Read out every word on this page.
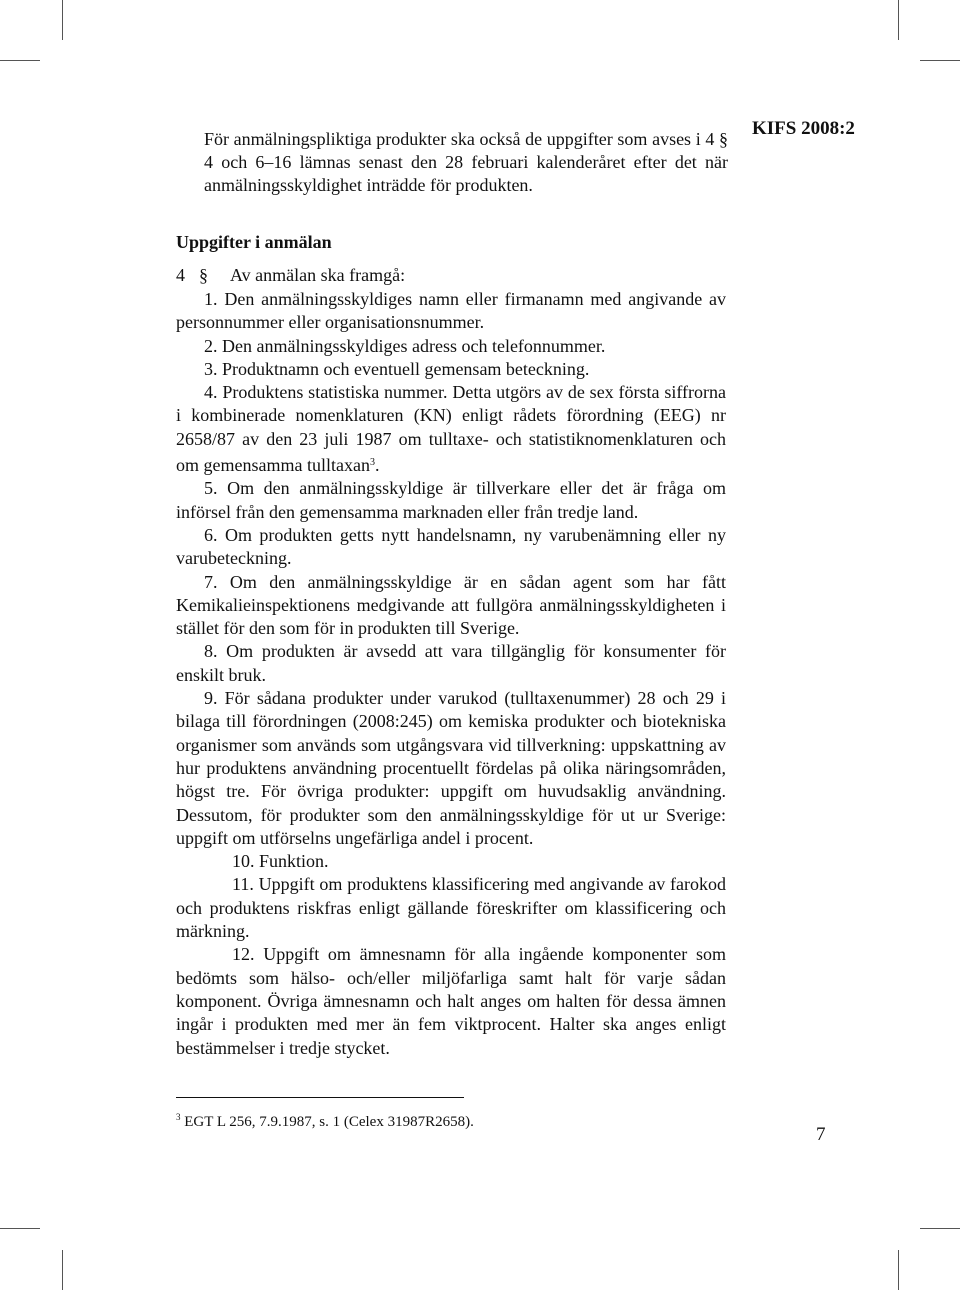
För anmälningspliktiga produkter ska också de uppgifter som avses i 4 § 4 och 6–16 lämnas senast den 28 februari kalenderåret efter det när anmälningsskyldighet inträdde för produkten.
KIFS 2008:2
Uppgifter i anmälan
4 § Av anmälan ska framgå:

1. Den anmälningsskyldiges namn eller firmanamn med angivande av personnummer eller organisationsnummer.

2. Den anmälningsskyldiges adress och telefonnummer.

3. Produktnamn och eventuell gemensam beteckning.

4. Produktens statistiska nummer. Detta utgörs av de sex första siffrorna i kombinerade nomenklaturen (KN) enligt rådets förordning (EEG) nr 2658/87 av den 23 juli 1987 om tulltaxe- och statistiknomenklaturen och om gemensamma tulltaxan$^3$.

5. Om den anmälningsskyldige är tillverkare eller det är fråga om införsel från den gemensamma marknaden eller från tredje land.

6. Om produkten getts nytt handelsnamn, ny varubenämning eller ny varubeteckning.

7. Om den anmälningsskyldige är en sådan agent som har fått Kemikalieinspektionens medgivande att fullgöra anmälningsskyldigheten i stället för den som för in produkten till Sverige.

8. Om produkten är avsedd att vara tillgänglig för konsumenter för enskilt bruk.

9. För sådana produkter under varukod (tulltaxenummer) 28 och 29 i bilaga till förordningen (2008:245) om kemiska produkter och biotekniska organismer som används som utgångsvara vid tillverkning: uppskattning av hur produktens användning procentuellt fördelas på olika näringsområden, högst tre. För övriga produkter: uppgift om huvudsaklig användning. Dessutom, för produkter som den anmälningsskyldige för ut ur Sverige: uppgift om utförselns ungefärliga andel i procent.

10. Funktion.

11. Uppgift om produktens klassificering med angivande av farokod och produktens riskfras enligt gällande föreskrifter om klassificering och märkning.

12. Uppgift om ämnesnamn för alla ingående komponenter som bedömts som hälso- och/eller miljöfarliga samt halt för varje sådan komponent. Övriga ämnesnamn och halt anges om halten för dessa ämnen ingår i produkten med mer än fem viktprocent. Halter ska anges enligt bestämmelser i tredje stycket.

$^3$ EGT L 256, 7.9.1987, s. 1 (Celex 31987R2658).
7
